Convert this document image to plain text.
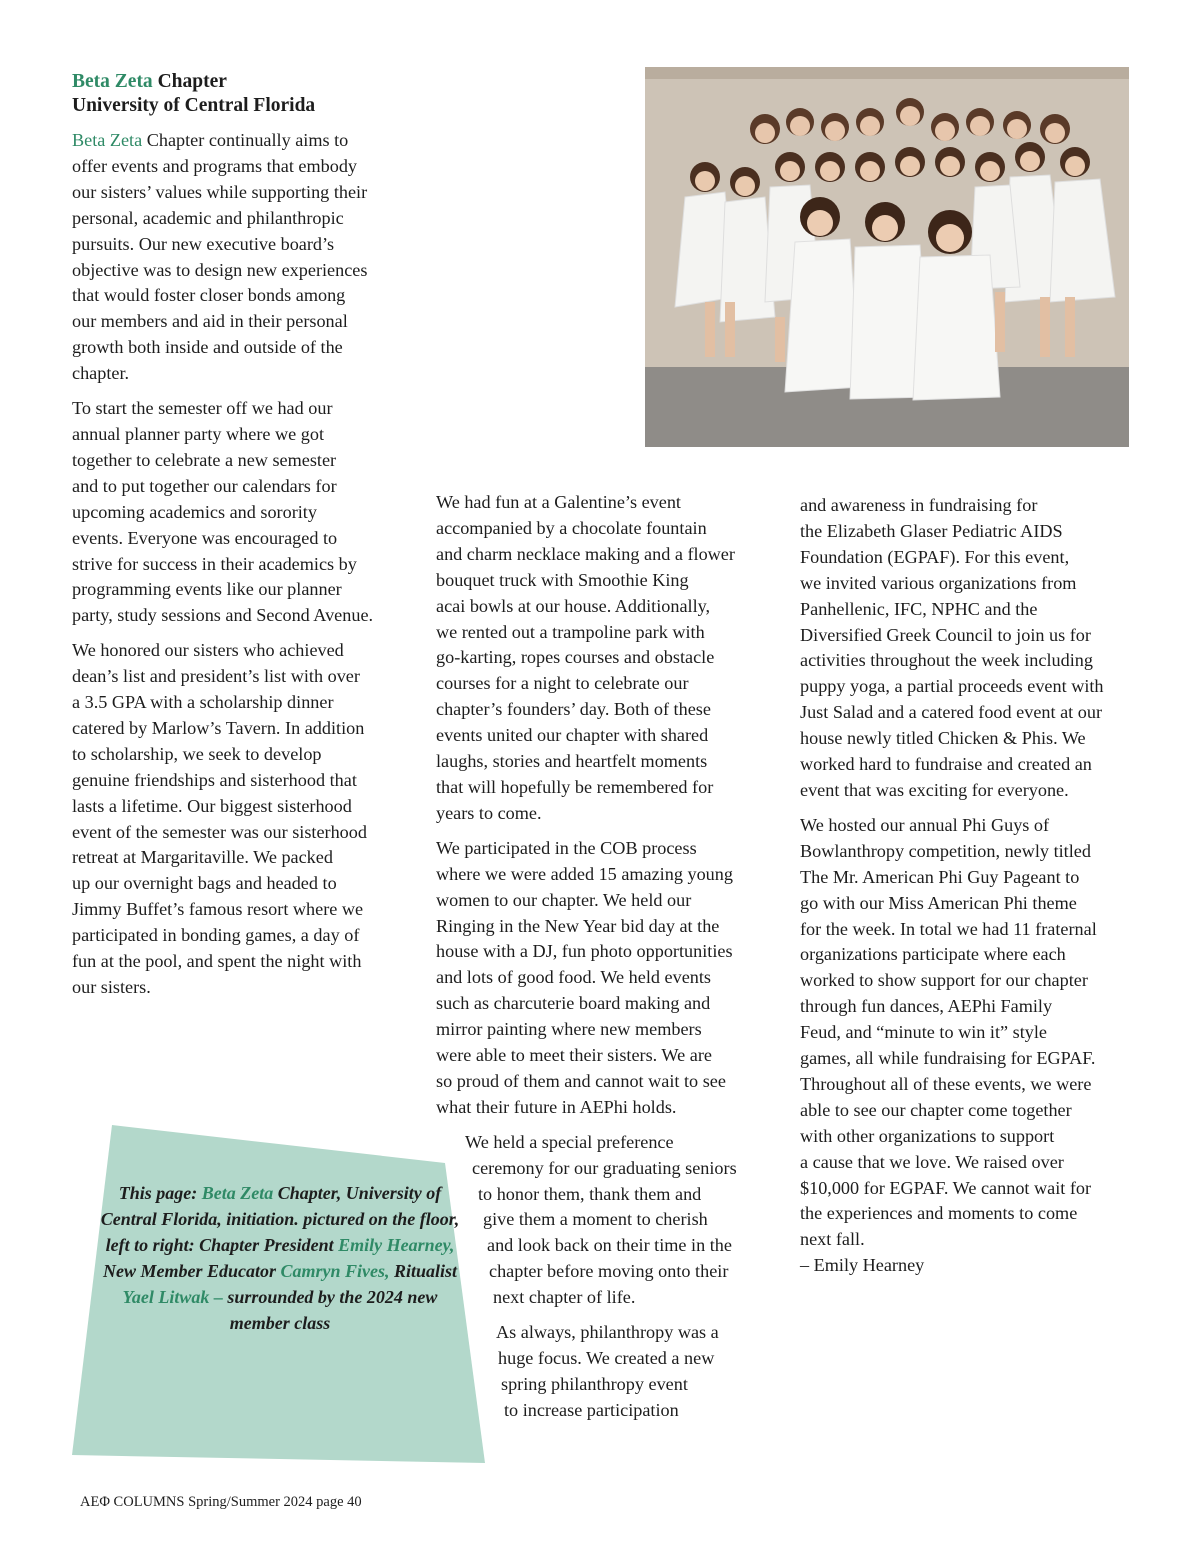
Beta Zeta Chapter
University of Central Florida

Beta Zeta Chapter continually aims to
offer events and programs that embody
our sisters’ values while supporting their
personal, academic and philanthropic
pursuits. Our new executive board’s
objective was to design new experiences
that would foster closer bonds among
our members and aid in their personal
growth both inside and outside of the
chapter.

To start the semester off we had our
annual planner party where we got
together to celebrate a new semester
and to put together our calendars for
upcoming academics and sorority
events. Everyone was encouraged to
strive for success in their academics by
programming events like our planner
party, study sessions and Second Avenue.

We honored our sisters who achieved
dean’s list and president’s list with over
a 3.5 GPA with a scholarship dinner
catered by Marlow’s Tavern. In addition
to scholarship, we seek to develop
genuine friendships and sisterhood that
lasts a lifetime. Our biggest sisterhood
event of the semester was our sisterhood
retreat at Margaritaville. We packed
up our overnight bags and headed to
Jimmy Buffet’s famous resort where we
participated in bonding games, a day of
fun at the pool, and spent the night with
our sisters.

We had fun at a Galentine’s event
accompanied by a chocolate fountain
and charm necklace making and a flower
bouquet truck with Smoothie King
acai bowls at our house. Additionally,
we rented out a trampoline park with
go-karting, ropes courses and obstacle
courses for a night to celebrate our
chapter’s founders’ day. Both of these
events united our chapter with shared
laughs, stories and heartfelt moments
that will hopefully be remembered for
years to come.

We participated in the COB process
where we were added 15 amazing young
women to our chapter. We held our
Ringing in the New Year bid day at the
house with a DJ, fun photo opportunities
and lots of good food. We held events
such as charcuterie board making and
mirror painting where new members
were able to meet their sisters. We are
so proud of them and cannot wait to see
what their future in AEPhi holds.

We held a special preference
ceremony for our graduating seniors
to honor them, thank them and
give them a moment to cherish
and look back on their time in the
chapter before moving onto their
next chapter of life.

As always, philanthropy was a
huge focus. We created a new
spring philanthropy event
to increase participation

and awareness in fundraising for
the Elizabeth Glaser Pediatric AIDS
Foundation (EGPAF). For this event,
we invited various organizations from
Panhellenic, IFC, NPHC and the
Diversified Greek Council to join us for
activities throughout the week including
puppy yoga, a partial proceeds event with
Just Salad and a catered food event at our
house newly titled Chicken & Phis. We
worked hard to fundraise and created an
event that was exciting for everyone.

We hosted our annual Phi Guys of
Bowlanthropy competition, newly titled
The Mr. American Phi Guy Pageant to
go with our Miss American Phi theme
for the week. In total we had 11 fraternal
organizations participate where each
worked to show support for our chapter
through fun dances, AEPhi Family
Feud, and “minute to win it” style
games, all while fundraising for EGPAF.
Throughout all of these events, we were
able to see our chapter come together
with other organizations to support
a cause that we love. We raised over
$10,000 for EGPAF. We cannot wait for
the experiences and moments to come
next fall.
– Emily Hearney

This page: Beta Zeta Chapter, University of Central Florida, initiation. pictured on the floor, left to right: Chapter President Emily Hearney, New Member Educator Camryn Fives, Ritualist Yael Litwak – surrounded by the 2024 new member class
AEΦ COLUMNS Spring/Summer 2024 page 40
